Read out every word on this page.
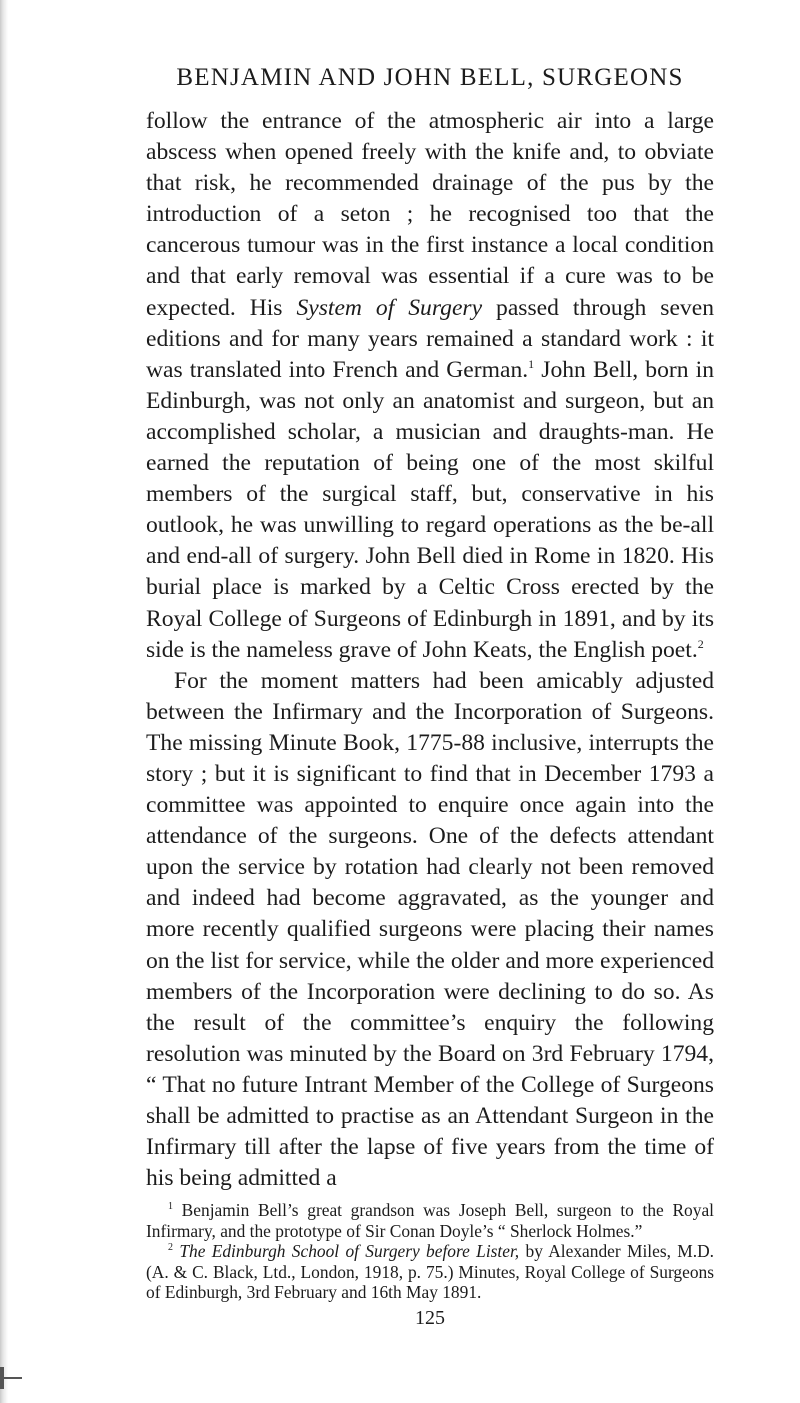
BENJAMIN AND JOHN BELL, SURGEONS

follow the entrance of the atmospheric air into a large abscess when opened freely with the knife and, to obviate that risk, he recommended drainage of the pus by the introduction of a seton ; he recognised too that the cancerous tumour was in the first instance a local condition and that early removal was essential if a cure was to be expected. His System of Surgery passed through seven editions and for many years remained a standard work : it was translated into French and German.$^1$ John Bell, born in Edinburgh, was not only an anatomist and surgeon, but an accomplished scholar, a musician and draughts-man. He earned the reputation of being one of the most skilful members of the surgical staff, but, conservative in his outlook, he was unwilling to regard operations as the be-all and end-all of surgery. John Bell died in Rome in 1820. His burial place is marked by a Celtic Cross erected by the Royal College of Surgeons of Edinburgh in 1891, and by its side is the nameless grave of John Keats, the English poet.$^2$

For the moment matters had been amicably adjusted between the Infirmary and the Incorporation of Surgeons. The missing Minute Book, 1775-88 inclusive, interrupts the story ; but it is significant to find that in December 1793 a committee was appointed to enquire once again into the attendance of the surgeons. One of the defects attendant upon the service by rotation had clearly not been removed and indeed had become aggravated, as the younger and more recently qualified surgeons were placing their names on the list for service, while the older and more experienced members of the Incorporation were declining to do so. As the result of the committee’s enquiry the following resolution was minuted by the Board on 3rd February 1794, “ That no future Intrant Member of the College of Surgeons shall be admitted to practise as an Attendant Surgeon in the Infirmary till after the lapse of five years from the time of his being admitted a

$^1$ Benjamin Bell’s great grandson was Joseph Bell, surgeon to the Royal Infirmary, and the prototype of Sir Conan Doyle’s “ Sherlock Holmes.”

$^2$ The Edinburgh School of Surgery before Lister, by Alexander Miles, M.D. (A. & C. Black, Ltd., London, 1918, p. 75.) Minutes, Royal College of Surgeons of Edinburgh, 3rd February and 16th May 1891.

125
